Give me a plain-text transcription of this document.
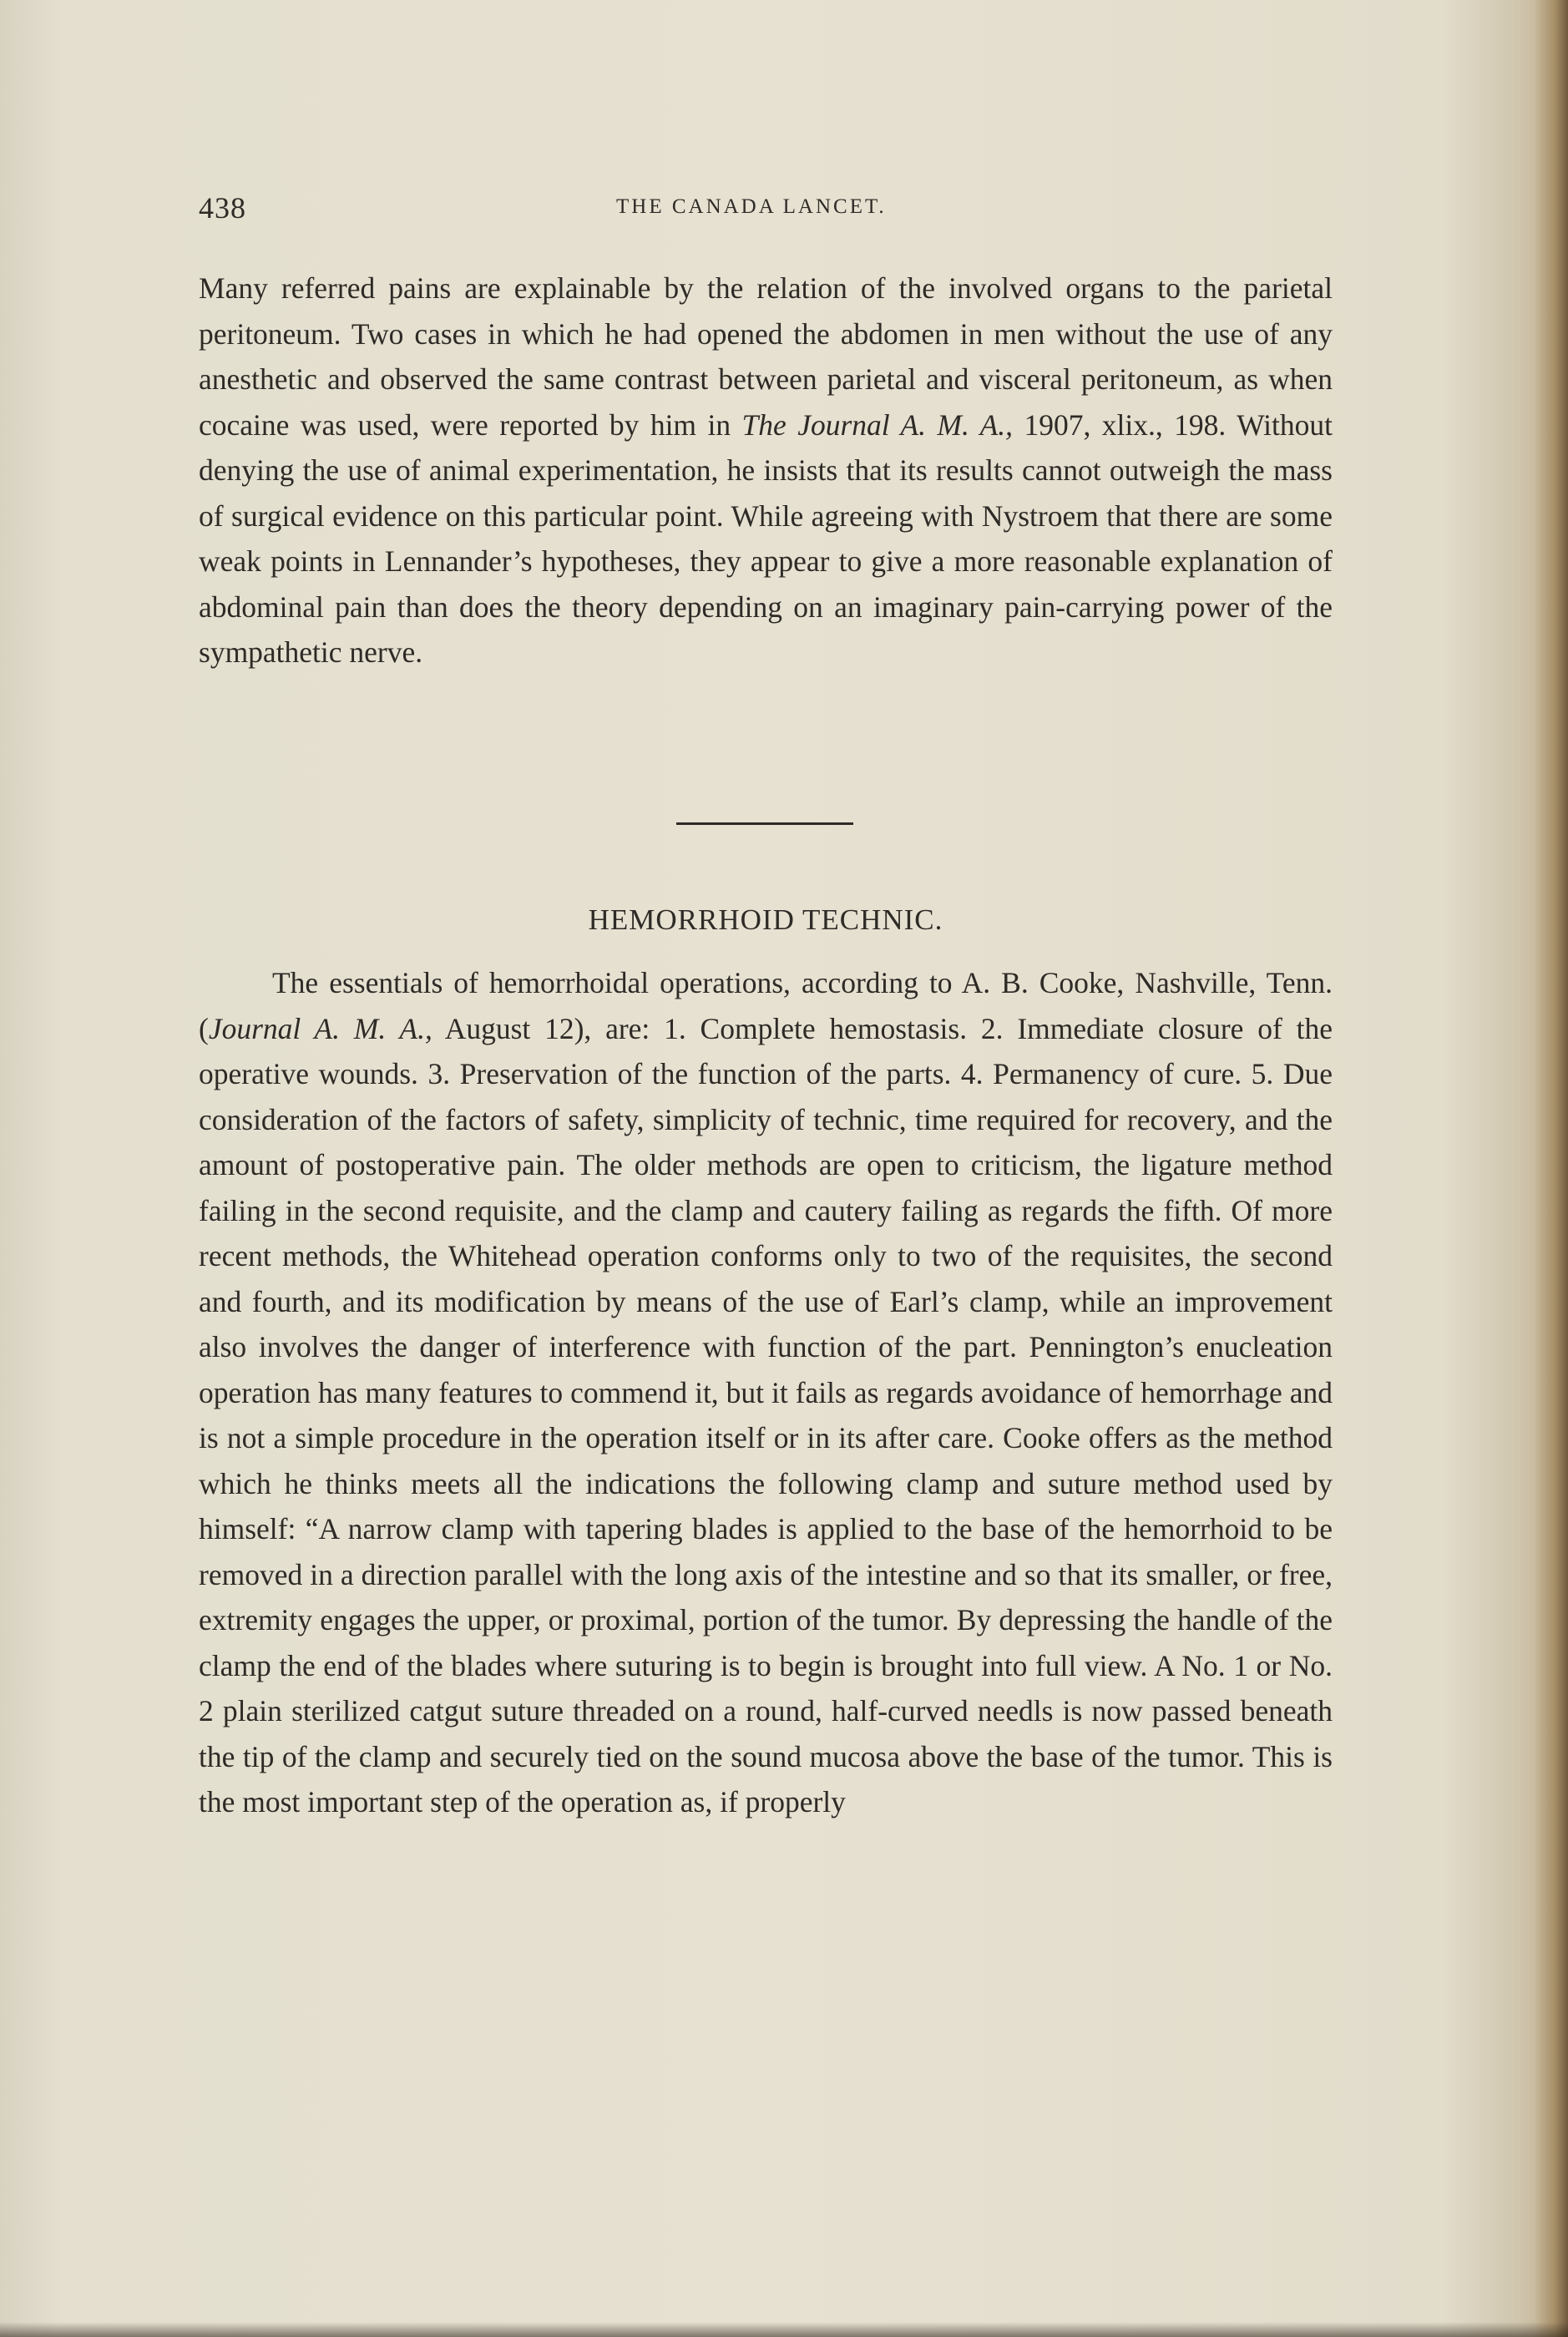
438	THE CANADA LANCET.

Many referred pains are explainable by the relation of the involved organs to the parietal peritoneum. Two cases in which he had opened the abdomen in men without the use of any anesthetic and observed the same contrast between parietal and visceral peritoneum, as when cocaine was used, were reported by him in The Journal A. M. A., 1907, xlix., 198. Without denying the use of animal experimentation, he insists that its results cannot outweigh the mass of surgical evidence on this particular point. While agreeing with Nystroem that there are some weak points in Lennander’s hypotheses, they appear to give a more reasonable explanation of abdominal pain than does the theory depending on an imaginary pain-carrying power of the sympathetic nerve.

HEMORRHOID TECHNIC.

The essentials of hemorrhoidal operations, according to A. B. Cooke, Nashville, Tenn. (Journal A. M. A., August 12), are: 1. Complete hemostasis. 2. Immediate closure of the operative wounds. 3. Preservation of the function of the parts. 4. Permanency of cure. 5. Due consideration of the factors of safety, simplicity of technic, time required for recovery, and the amount of postoperative pain. The older methods are open to criticism, the ligature method failing in the second requisite, and the clamp and cautery failing as regards the fifth. Of more recent methods, the Whitehead operation conforms only to two of the requisites, the second and fourth, and its modification by means of the use of Earl’s clamp, while an improvement also involves the danger of interference with function of the part. Pennington’s enucleation operation has many features to commend it, but it fails as regards avoidance of hemorrhage and is not a simple procedure in the operation itself or in its after care. Cooke offers as the method which he thinks meets all the indications the following clamp and suture method used by himself: “A narrow clamp with tapering blades is applied to the base of the hemorrhoid to be removed in a direction parallel with the long axis of the intestine and so that its smaller, or free, extremity engages the upper, or proximal, portion of the tumor. By depressing the handle of the clamp the end of the blades where suturing is to begin is brought into full view. A No. 1 or No. 2 plain sterilized catgut suture threaded on a round, half-curved needls is now passed beneath the tip of the clamp and securely tied on the sound mucosa above the base of the tumor. This is the most important step of the operation as, if properly
